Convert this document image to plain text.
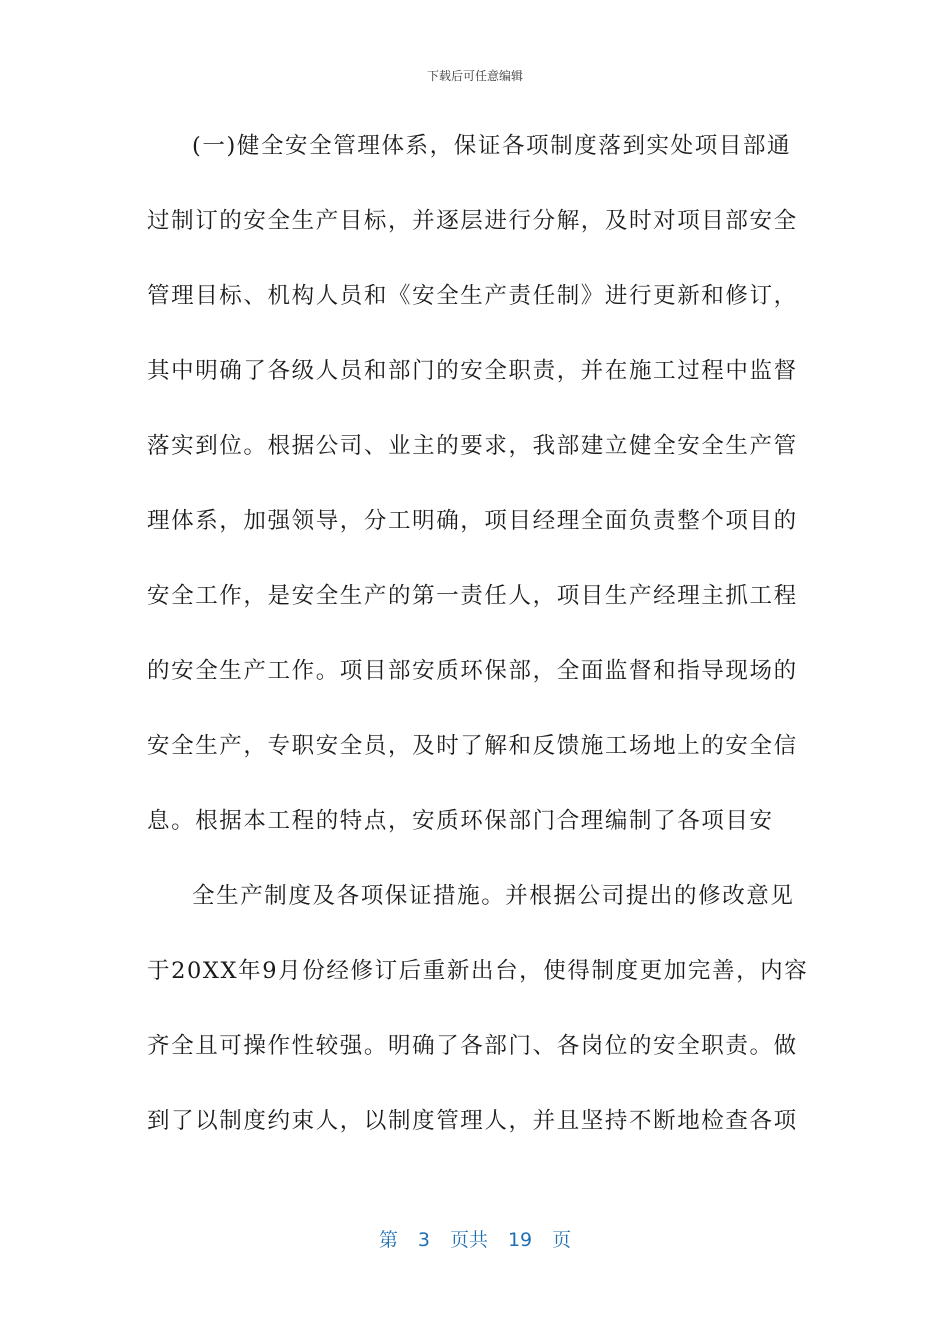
下载后可任意编辑
(一)健全安全管理体系，保证各项制度落到实处项目部通
过制订的安全生产目标，并逐层进行分解，及时对项目部安全
管理目标、机构人员和《安全生产责任制》进行更新和修订，
其中明确了各级人员和部门的安全职责，并在施工过程中监督
落实到位。根据公司、业主的要求，我部建立健全安全生产管
理体系，加强领导，分工明确，项目经理全面负责整个项目的
安全工作，是安全生产的第一责任人，项目生产经理主抓工程
的安全生产工作。项目部安质环保部，全面监督和指导现场的
安全生产，专职安全员，及时了解和反馈施工场地上的安全信
息。根据本工程的特点，安质环保部门合理编制了各项目安
全生产制度及各项保证措施。并根据公司提出的修改意见
于20XX年9月份经修订后重新出台，使得制度更加完善，内容
齐全且可操作性较强。明确了各部门、各岗位的安全职责。做
到了以制度约束人，以制度管理人，并且坚持不断地检查各项
第 3 页共 19 页
